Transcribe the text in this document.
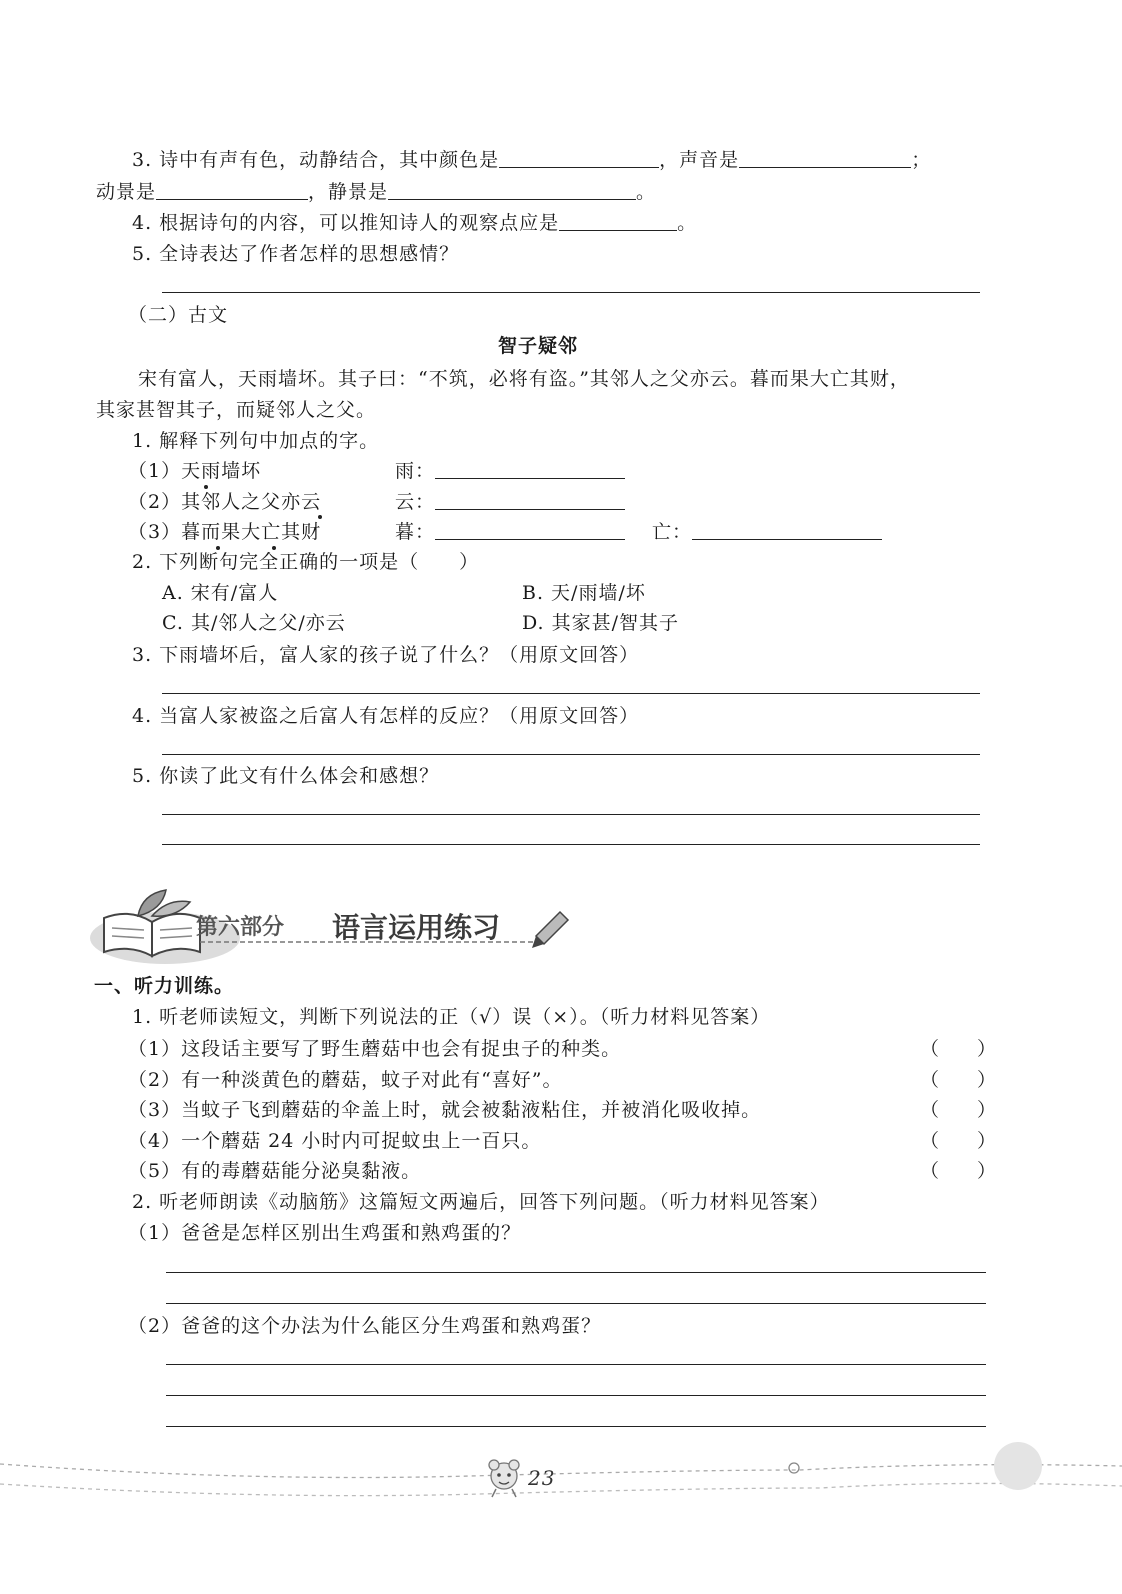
3. 诗中有声有色，动静结合，其中颜色是	，声音是	；
动景是	，静景是	。
4. 根据诗句的内容，可以推知诗人的观察点应是	。
5. 全诗表达了作者怎样的思想感情？
（二）古文
智子疑邻
宋有富人，天雨墙坏。其子曰：“不筑，必将有盗。”其邻人之父亦云。暮而果大亡其财，
其家甚智其子，而疑邻人之父。
1. 解释下列句中加点的字。
（1）天雨墙坏	雨：
（2）其邻人之父亦云	云：
（3）暮而果大亡其财	暮：	亡：
2. 下列断句完全正确的一项是（　　）
A. 宋有/富人	B. 天/雨墙/坏
C. 其/邻人之父/亦云	D. 其家甚/智其子
3. 下雨墙坏后，富人家的孩子说了什么？（用原文回答）
4. 当富人家被盗之后富人有怎样的反应？（用原文回答）
5. 你读了此文有什么体会和感想？
第六部分 语言运用练习
一、听力训练。
1. 听老师读短文，判断下列说法的正（√）误（×）。（听力材料见答案）
（1）这段话主要写了野生蘑菇中也会有捉虫子的种类。	（　　）
（2）有一种淡黄色的蘑菇，蚊子对此有“喜好”。	（　　）
（3）当蚊子飞到蘑菇的伞盖上时，就会被黏液粘住，并被消化吸收掉。	（　　）
（4）一个蘑菇 24 小时内可捉蚊虫上一百只。	（　　）
（5）有的毒蘑菇能分泌臭黏液。	（　　）
2. 听老师朗读《动脑筋》这篇短文两遍后，回答下列问题。（听力材料见答案）
（1）爸爸是怎样区别出生鸡蛋和熟鸡蛋的？
（2）爸爸的这个办法为什么能区分生鸡蛋和熟鸡蛋？
23
